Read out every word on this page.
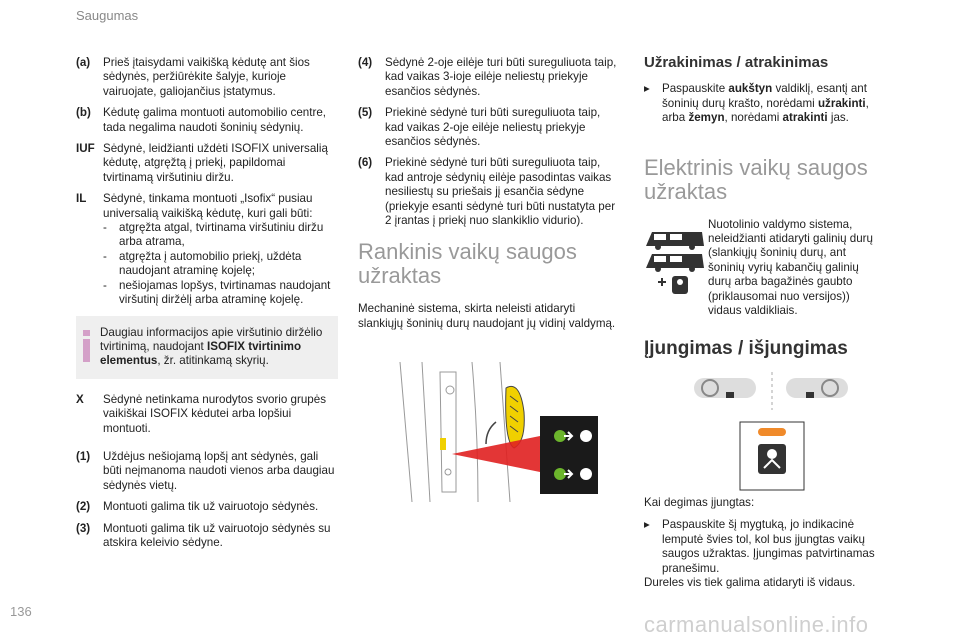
Saugumas
(a)	Prieš įtaisydami vaikišką kėdutę ant šios sėdynės, peržiūrėkite šalyje, kurioje vairuojate, galiojančius įstatymus.
(b)	Kėdutę galima montuoti automobilio centre, tada negalima naudoti šoninių sėdynių.
IUF Sėdynė, leidžianti uždėti ISOFIX universalią kėdutę, atgręžtą į priekį, papildomai tvirtinamą viršutiniu diržu.
IL	Sėdynė, tinkama montuoti „Isofix“ pusiau universalią vaikišką kėdutę, kuri gali būti:
-	atgręžta atgal, tvirtinama viršutiniu diržu arba atrama,
-	atgręžta į automobilio priekį, uždėta naudojant atraminę kojelę;
-	nešiojamas lopšys, tvirtinamas naudojant viršutinį diržėlį arba atraminę kojelę.
Daugiau informacijos apie viršutinio diržėlio tvirtinimą, naudojant ISOFIX tvirtinimo elementus, žr. atitinkamą skyrių.
X	Sėdynė netinkama nurodytos svorio grupės vaikiškai ISOFIX kėdutei arba lopšiui montuoti.
(1)	Uždėjus nešiojamą lopšį ant sėdynės, gali būti neįmanoma naudoti vienos arba daugiau sėdynės vietų.
(2)	Montuoti galima tik už vairuotojo sėdynės.
(3)	Montuoti galima tik už vairuotojo sėdynės su atskira keleivio sėdyne.
(4)	Sėdynė 2-oje eilėje turi būti sureguliuota taip, kad vaikas 3-ioje eilėje neliestų priekyje esančios sėdynės.
(5)	Priekinė sėdynė turi būti sureguliuota taip, kad vaikas 2-oje eilėje neliestų priekyje esančios sėdynės.
(6)	Priekinė sėdynė turi būti sureguliuota taip, kad antroje sėdynių eilėje pasodintas vaikas nesiliestų su priešais jį esančia sėdyne (priekyje esanti sėdynė turi būti nustatyta per 2 įrantas į priekį nuo slankiklio vidurio).
Rankinis vaikų saugos užraktas
Mechaninė sistema, skirta neleisti atidaryti slankiųjų šoninių durų naudojant jų vidinį valdymą.
Užrakinimas / atrakinimas
▸	Paspauskite aukštyn valdiklį, esantį ant šoninių durų krašto, norėdami užrakinti, arba žemyn, norėdami atrakinti jas.
Elektrinis vaikų saugos užraktas
Nuotolinio valdymo sistema, neleidžianti atidaryti galinių durų (slankiųjų šoninių durų, ant šoninių vyrių kabančių galinių durų arba bagažinės gaubto (priklausomai nuo versijos)) vidaus valdikliais.
Įjungimas / išjungimas
Kai degimas įjungtas:
▸	Paspauskite šį mygtuką, jo indikacinė lemputė švies tol, kol bus įjungtas vaikų saugos užraktas. Įjungimas patvirtinamas pranešimu.
Dureles vis tiek galima atidaryti iš vidaus.
136
carmanualsonline.info
